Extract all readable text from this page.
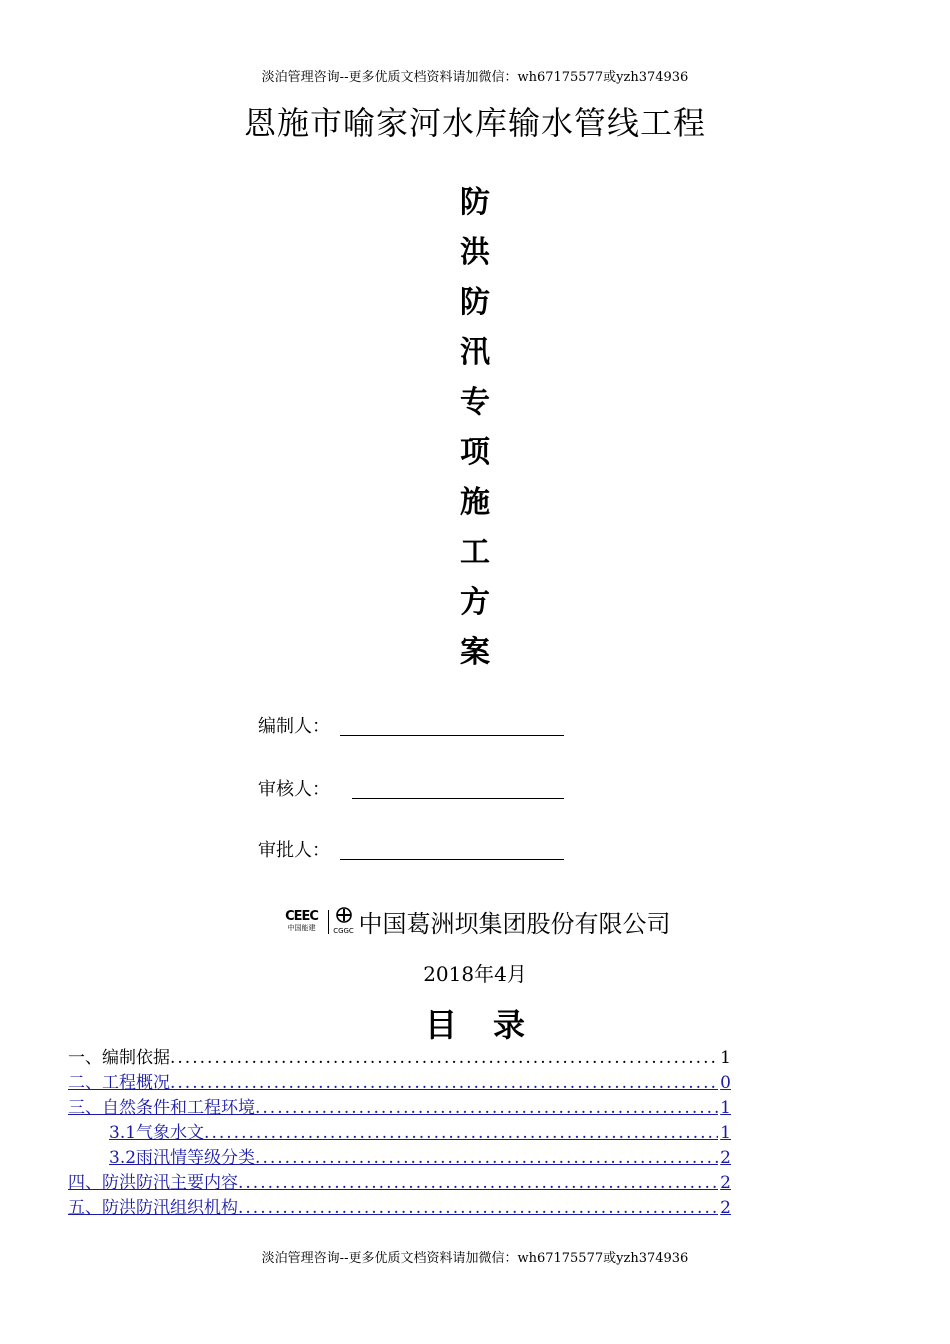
淡泊管理咨询--更多优质文档资料请加微信：wh67175577或yzh374936
恩施市喻家河水库输水管线工程
防
洪
防
汛
专
项
施
工
方
案
编制人：
审核人：
审批人：
CEEC
中国能建	CGGC 中国葛洲坝集团股份有限公司
2018年4月
目 录
一、编制依据 .....	1
二、工程概况 .....	0
三、自然条件和工程环境 .....	1
3.1气象水文 .....	1
3.2雨汛情等级分类 .....	2
四、防洪防汛主要内容 .....	2
五、防洪防汛组织机构 .....	2
淡泊管理咨询--更多优质文档资料请加微信：wh67175577或yzh374936
